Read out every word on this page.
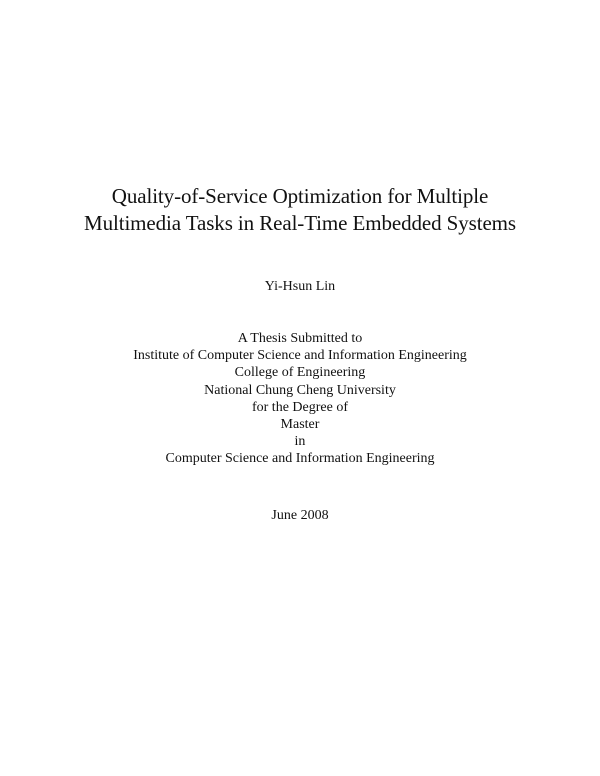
Quality-of-Service Optimization for Multiple
Multimedia Tasks in Real-Time Embedded Systems
Yi-Hsun Lin
A Thesis Submitted to
Institute of Computer Science and Information Engineering
College of Engineering
National Chung Cheng University
for the Degree of
Master
in
Computer Science and Information Engineering
June 2008
